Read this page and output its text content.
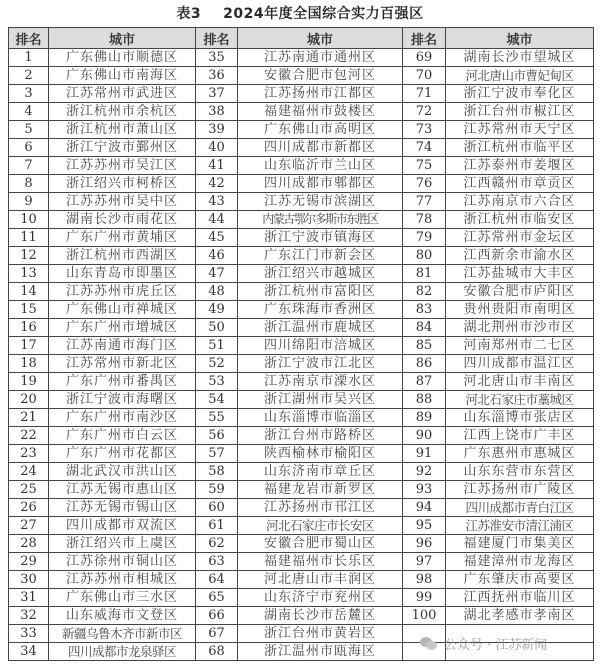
表3 2024年度全国综合实力百强区
排名	城市	排名	城市	排名	城市
1	广东佛山市顺德区	35	江苏南通市通州区	69	湖南长沙市望城区
2	广东佛山市南海区	36	安徽合肥市包河区	70	河北唐山市曹妃甸区
3	江苏常州市武进区	37	江苏扬州市江都区	71	浙江宁波市奉化区
4	浙江杭州市余杭区	38	福建福州市鼓楼区	72	浙江台州市椒江区
5	浙江杭州市萧山区	39	广东佛山市高明区	73	江苏常州市天宁区
6	浙江宁波市鄞州区	40	四川成都市新都区	74	浙江杭州市临平区
7	江苏苏州市吴江区	41	山东临沂市兰山区	75	江苏泰州市姜堰区
8	浙江绍兴市柯桥区	42	四川成都市郫都区	76	江西赣州市章贡区
9	江苏苏州市吴中区	43	江苏无锡市滨湖区	77	江苏南京市六合区
10	湖南长沙市雨花区	44	内蒙古鄂尔多斯市东胜区	78	浙江杭州市临安区
11	广东广州市黄埔区	45	浙江宁波市镇海区	79	江苏常州市金坛区
12	浙江杭州市西湖区	46	广东江门市新会区	80	江西新余市渝水区
13	山东青岛市即墨区	47	浙江绍兴市越城区	81	江苏盐城市大丰区
14	江苏苏州市虎丘区	48	浙江杭州市富阳区	82	安徽合肥市庐阳区
15	广东佛山市禅城区	49	广东珠海市香洲区	83	贵州贵阳市南明区
16	广东广州市增城区	50	浙江温州市鹿城区	84	湖北荆州市沙市区
17	江苏南通市海门区	51	四川绵阳市涪城区	85	河南郑州市二七区
18	江苏常州市新北区	52	浙江宁波市江北区	86	四川成都市温江区
19	广东广州市番禺区	53	江苏南京市溧水区	87	河北唐山市丰南区
20	浙江宁波市海曙区	54	浙江湖州市吴兴区	88	河北石家庄市藁城区
21	广东广州市南沙区	55	山东淄博市临淄区	89	山东淄博市张店区
22	广东广州市白云区	56	浙江台州市路桥区	90	江西上饶市广丰区
23	广东广州市花都区	57	陕西榆林市榆阳区	91	广东惠州市惠城区
24	湖北武汉市洪山区	58	山东济南市章丘区	92	山东东营市东营区
25	江苏无锡市惠山区	59	福建龙岩市新罗区	93	江苏扬州市广陵区
26	江苏无锡市锡山区	60	江苏扬州市邗江区	94	四川成都市青白江区
27	四川成都市双流区	61	河北石家庄市长安区	95	江苏淮安市清江浦区
28	浙江绍兴市上虞区	62	安徽合肥市蜀山区	96	福建厦门市集美区
29	江苏徐州市铜山区	63	福建福州市长乐区	97	福建漳州市龙海区
30	江苏苏州市相城区	64	河北唐山市丰润区	98	广东肇庆市高要区
31	广东佛山市三水区	65	山东济宁市兖州区	99	江西抚州市临川区
32	山东威海市文登区	66	湖南长沙市岳麓区	100	湖北孝感市孝南区
33	新疆乌鲁木齐市新市区	67	浙江台州市黄岩区		
34	四川成都市龙泉驿区	68	浙江温州市瓯海区			公众号 · 江苏新闻
